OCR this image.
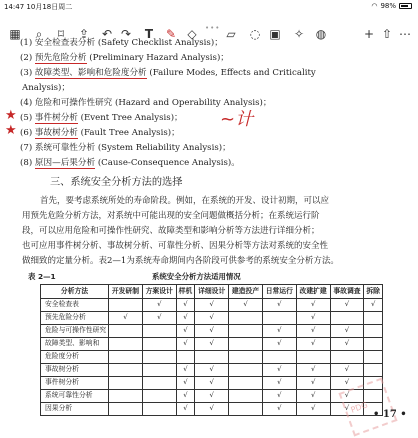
14:47 10月18日周二	◠ 98%
▦	⌕	⌑	⇪	↶ ↷	•••
T	✎ ◇	▱	◌ ▣	✧ ◍	+ ⇧ ⋯
(1) 安全检查表分析 (Safety Checklist Analysis)；
(2) 预先危险分析 (Preliminary Hazard Analysis)；
(3) 故障类型、影响和危险度分析 (Failure Modes, Effects and Criticality
Analysis)；
(4) 危险和可操作性研究 (Hazard and Operability Analysis)；
(5) 事件树分析 (Event Tree Analysis)；
(6) 事故树分析 (Fault Tree Analysis)；
(7) 系统可靠性分析 (System Reliability Analysis)；
(8) 原因—后果分析 (Cause-Consequence Analysis)。
★
★
~计
三、系统安全分析方法的选择
首先，要考虑系统所处的寿命阶段。例如，在系统的开发、设计初期，可以应
用预先危险分析方法，对系统中可能出现的安全问题做概括分析；在系统运行阶
段，可以应用危险和可操作性研究、故障类型和影响分析等方法进行详细分析；
也可应用事件树分析、事故树分析、可靠性分析、因果分析等方法对系统的安全性
做细致的定量分析。表2—1为系统寿命期间内各阶段可供参考的系统安全分析方法。
表 2—1	系统安全分析方法适用情况
分析方法	开发研制	方案设计	样机	详细设计	建造投产	日常运行	改建扩建	事故调查	拆除
安全检查表		√	√	√	√	√	√	√	√
预先危险分析	√	√	√	√			√		
危险与可操作性研究			√	√		√	√	√	
故障类型、影响和			√	√		√	√	√	
危险度分析									
事故树分析			√	√		√	√	√	
事件树分析			√	√		√	√	√	
系统可靠性分析			√	√		√	√	√	
因果分析			√	√		√	√	√	PDG • 17 •
